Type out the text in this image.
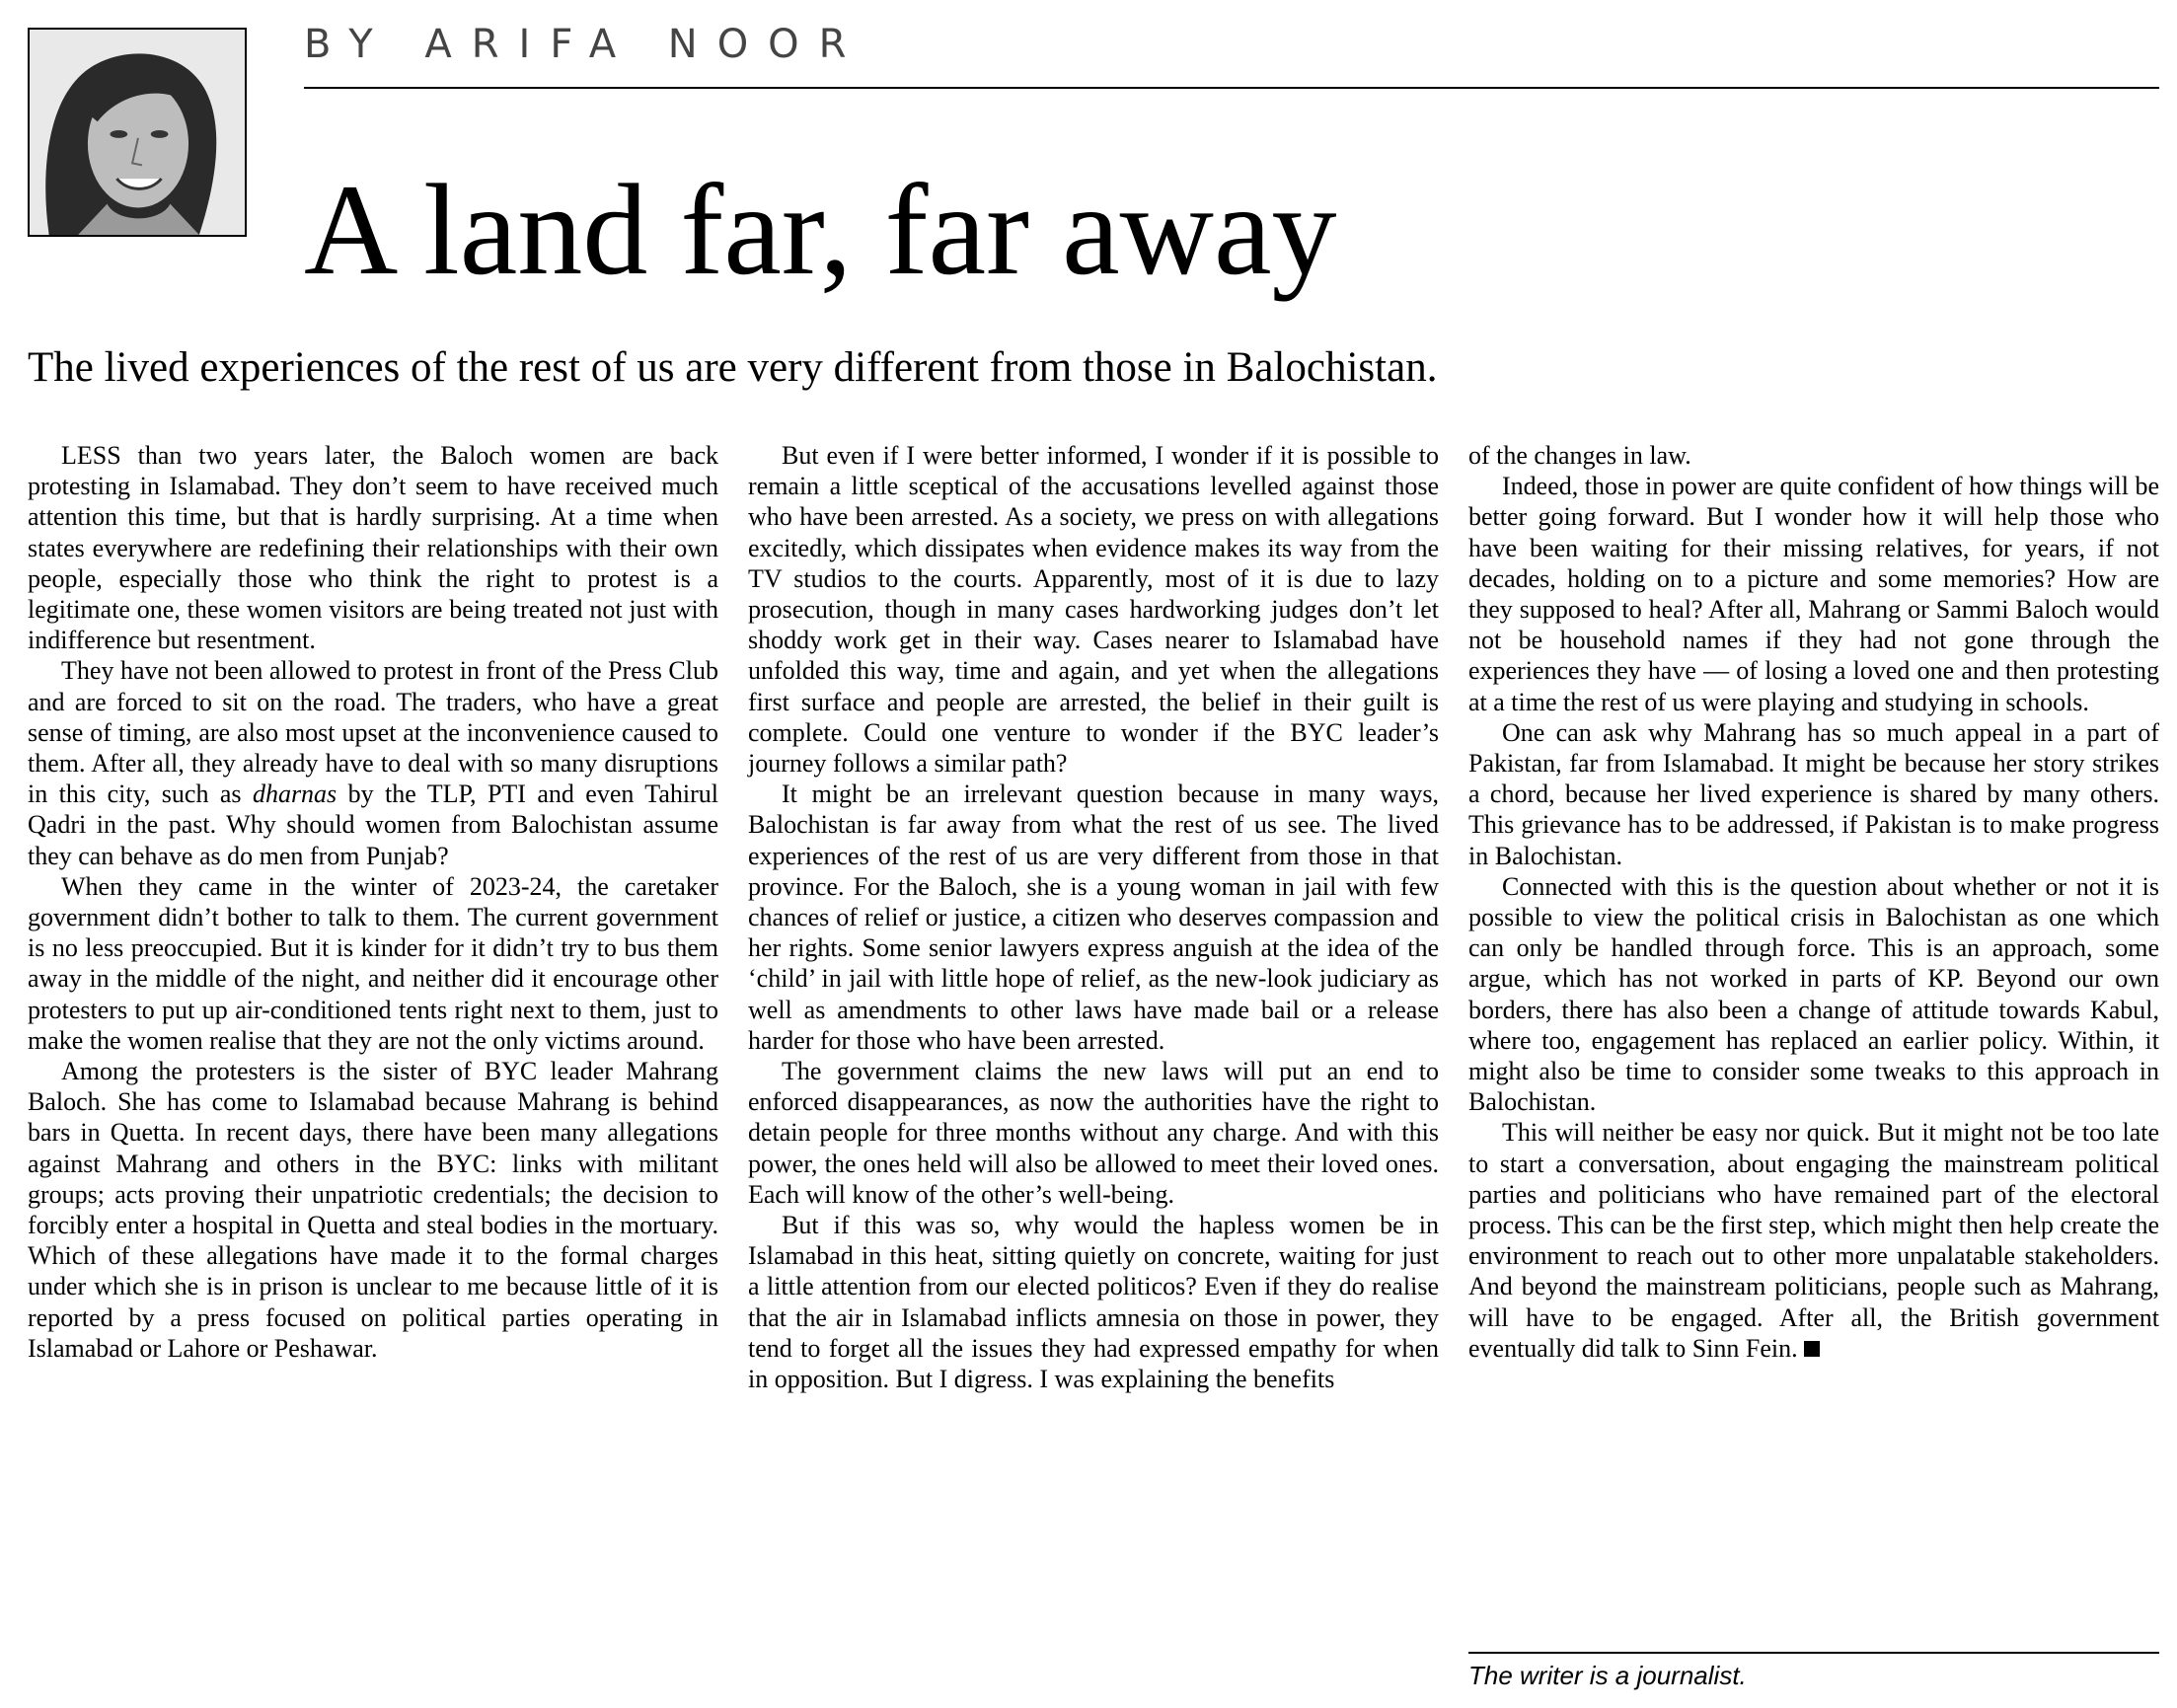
BY ARIFA NOOR
A land far, far away

The lived experiences of the rest of us are very different from those in Balochistan.

LESS than two years later, the Baloch women are back protesting in Islamabad. They don’t seem to have received much attention this time, but that is hardly surprising. At a time when states everywhere are redefining their relationships with their own people, especially those who think the right to protest is a legitimate one, these women visitors are being treated not just with indifference but resentment.

They have not been allowed to protest in front of the Press Club and are forced to sit on the road. The traders, who have a great sense of timing, are also most upset at the inconvenience caused to them. After all, they already have to deal with so many disruptions in this city, such as dharnas by the TLP, PTI and even Tahirul Qadri in the past. Why should women from Balochistan assume they can behave as do men from Punjab?

When they came in the winter of 2023-24, the caretaker government didn’t bother to talk to them. The current government is no less preoccupied. But it is kinder for it didn’t try to bus them away in the middle of the night, and neither did it encourage other protesters to put up air-conditioned tents right next to them, just to make the women realise that they are not the only victims around.

Among the protesters is the sister of BYC leader Mahrang Baloch. She has come to Islamabad because Mahrang is behind bars in Quetta. In recent days, there have been many allegations against Mahrang and others in the BYC: links with militant groups; acts proving their unpatriotic credentials; the decision to forcibly enter a hospital in Quetta and steal bodies in the mortuary. Which of these allegations have made it to the formal charges under which she is in prison is unclear to me because little of it is reported by a press focused on political parties operating in Islamabad or Lahore or Peshawar.

But even if I were better informed, I wonder if it is possible to remain a little sceptical of the accusations levelled against those who have been arrested. As a society, we press on with allegations excitedly, which dissipates when evidence makes its way from the TV studios to the courts. Apparently, most of it is due to lazy prosecution, though in many cases hardworking judges don’t let shoddy work get in their way. Cases nearer to Islamabad have unfolded this way, time and again, and yet when the allegations first surface and people are arrested, the belief in their guilt is complete. Could one venture to wonder if the BYC leader’s journey follows a similar path?

It might be an irrelevant question because in many ways, Balochistan is far away from what the rest of us see. The lived experiences of the rest of us are very different from those in that province. For the Baloch, she is a young woman in jail with few chances of relief or justice, a citizen who deserves compassion and her rights. Some senior lawyers express anguish at the idea of the ‘child’ in jail with little hope of relief, as the new-look judiciary as well as amendments to other laws have made bail or a release harder for those who have been arrested.

The government claims the new laws will put an end to enforced disappearances, as now the authorities have the right to detain people for three months without any charge. And with this power, the ones held will also be allowed to meet their loved ones. Each will know of the other’s well-being.

But if this was so, why would the hapless women be in Islamabad in this heat, sitting quietly on concrete, waiting for just a little attention from our elected politicos? Even if they do realise that the air in Islamabad inflicts amnesia on those in power, they tend to forget all the issues they had expressed empathy for when in opposition. But I digress. I was explaining the benefits

of the changes in law.

Indeed, those in power are quite confident of how things will be better going forward. But I wonder how it will help those who have been waiting for their missing relatives, for years, if not decades, holding on to a picture and some memories? How are they supposed to heal? After all, Mahrang or Sammi Baloch would not be household names if they had not gone through the experiences they have — of losing a loved one and then protesting at a time the rest of us were playing and studying in schools.

One can ask why Mahrang has so much appeal in a part of Pakistan, far from Islamabad. It might be because her story strikes a chord, because her lived experience is shared by many others. This grievance has to be addressed, if Pakistan is to make progress in Balochistan.

Connected with this is the question about whether or not it is possible to view the political crisis in Balochistan as one which can only be handled through force. This is an approach, some argue, which has not worked in parts of KP. Beyond our own borders, there has also been a change of attitude towards Kabul, where too, engagement has replaced an earlier policy. Within, it might also be time to consider some tweaks to this approach in Balochistan.

This will neither be easy nor quick. But it might not be too late to start a conversation, about engaging the mainstream political parties and politicians who have remained part of the electoral process. This can be the first step, which might then help create the environment to reach out to other more unpalatable stakeholders. And beyond the mainstream politicians, people such as Mahrang, will have to be engaged. After all, the British government eventually did talk to Sinn Fein.

The writer is a journalist.
